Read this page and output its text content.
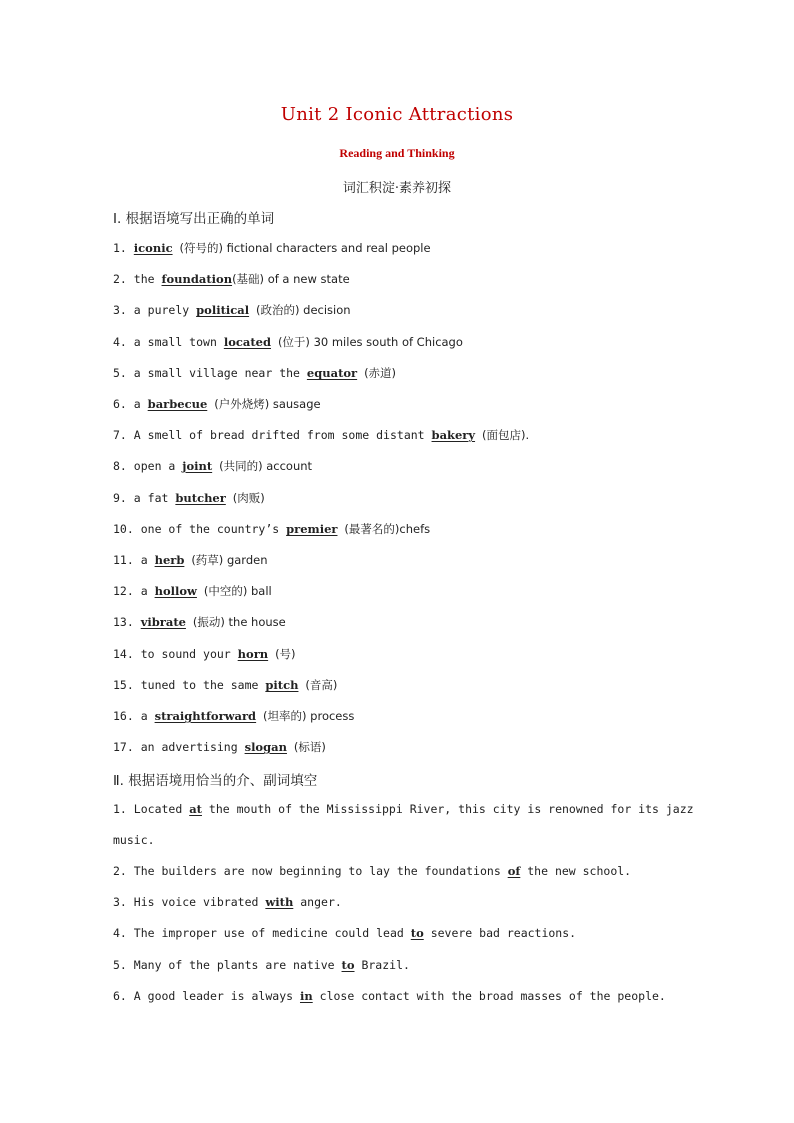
Unit 2 Iconic Attractions
Reading and Thinking
词汇积淀·素养初探
Ⅰ. 根据语境写出正确的单词
1. iconic (符号的) fictional characters and real people
2. the foundation(基础) of a new state
3. a purely political (政治的) decision
4. a small town located (位于) 30 miles south of Chicago
5. a small village near the equator (赤道)
6. a barbecue (户外烧烤) sausage
7. A smell of bread drifted from some distant bakery (面包店).
8. open a joint (共同的) account
9. a fat butcher (肉贩)
10. one of the country’s premier (最著名的)chefs
11. a herb (药草) garden
12. a hollow (中空的) ball
13. vibrate (振动) the house
14. to sound your horn (号)
15. tuned to the same pitch (音高)
16. a straightforward (坦率的) process
17. an advertising slogan (标语)
Ⅱ. 根据语境用恰当的介、副词填空
1. Located at the mouth of the Mississippi River, this city is renowned for its jazz
music.
2. The builders are now beginning to lay the foundations of the new school.
3. His voice vibrated with anger.
4. The improper use of medicine could lead to severe bad reactions.
5. Many of the plants are native to Brazil.
6. A good leader is always in close contact with the broad masses of the people.
